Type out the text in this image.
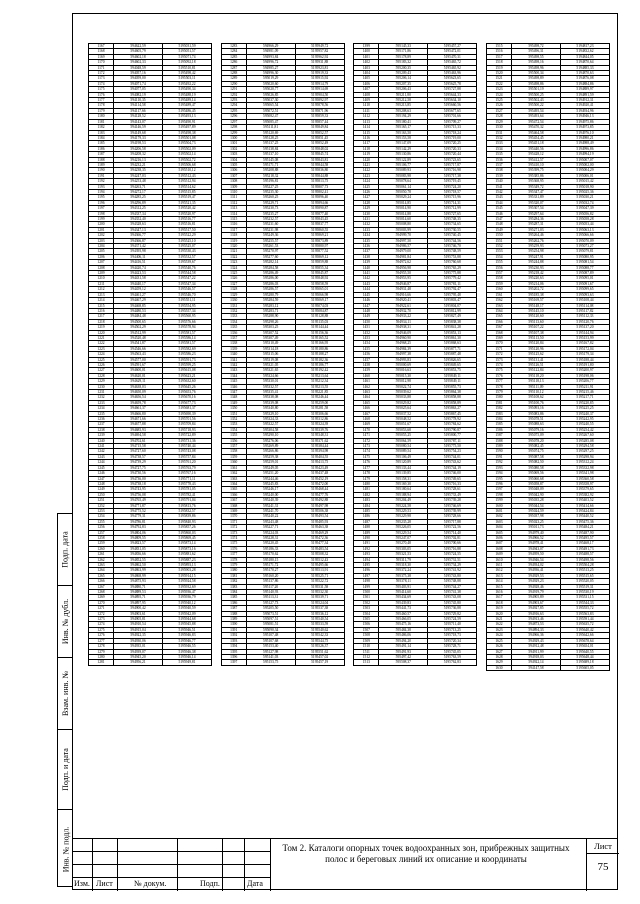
1167	594622,59	5195031,59
1168	594605,79	5195051,57
1169	594602,18	5195071,74
1170	594602,33	5195092,18
1171	594048,59	5195510,81
1172	594057,16	5195498,42
1173	594059,00	5195503,11
1174	594071,74	5195492,22
1175	594077,05	5195490,34
1176	594082,19	5195488,19
1177	594110,35	5195489,14
1178	594114,58	5195489,47
1179	594117,66	5195486,45
1180	594128,52	5195493,13
1181	594143,07	5195490,91
1182	594146,59	5195497,89
1183	594149,68	5195498,38
1184	594179,33	5195501,08
1185	594198,53	5195504,73
1186	594206,58	5195502,09
1187	594208,32	5195502,14
1188	594216,13	5195502,72
1189	594232,21	5195506,68
1190	594238,35	5195510,12
1191	594247,03	5195512,43
1192	594253,48	5195512,94
1193	594263,71	5195514,62
1194	594272,17	5195515,85
1195	594285,25	5195519,47
1196	594296,89	5195521,35
1197	594312,25	5195520,42
1198	594337,34	5195520,97
1199	594352,40	5195516,77
1200	594328,63	5195516,81
1201	594347,13	5195517,50
1202	594366,77	5195522,29
1203	594366,87	5195525,10
1204	594371,42	5195525,07
1205	594395,98	5195530,43
1206	594406,11	5195532,57
1207	594416,51	5195539,67
1208	594420,74	5195540,76
1209	594423,53	5195544,58
1210	594431,58	5195547,22
1211	594440,17	5195547,34
1212	594459,12	5195546,57
1213	594461,27	5195546,70
1214	594467,29	5195551,11
1215	594468,85	5195554,95
1216	594480,53	5195557,34
1217	594484,48	5195560,95
1218	594500,65	5195576,66
1219	594502,29	5195578,94
1220	594512,99	5195581,57
1221	594520,48	5195586,14
1222	594541,87	5195581,57
1223	594546,66	5195582,69
1224	594563,43	5195586,23
1225	594577,00	5195591,73
1226	594591,67	5195599,25
1227	594600,01	5195615,08
1228	594620,01	5195623,21
1229	594629,11	5195632,60
1230	594638,03	5195645,26
1231	594650,09	5195653,76
1232	594656,54	5195670,16
1233	594659,78	5195677,73
1234	594661,37	5195681,37
1235	594666,80	5195690,39
1236	594671,66	5195701,56
1237	594677,88	5195709,84
1238	594685,93	5195718,93
1239	594694,58	5195722,89
1240	594702,61	5195731,36
1241	594715,58	5195740,44
1242	594727,60	5195743,08
1243	594738,57	5195757,84
1244	594739,29	5195761,20
1245	594727,75	5195763,79
1246	594730,56	5195767,16
1247	594736,00	5195771,11
1248	594738,18	5195778,43
1249	594743,95	5195781,05
1250	594756,08	5195782,41
1251	594765,49	5195791,04
1252	594771,87	5195813,76
1253	594775,52	5195832,57
1254	594779,31	5195839,86
1255	594786,81	5195840,93
1256	594792,83	5195857,26
1257	594804,06	5195860,03
1258	594809,55	5195869,45
1259	594823,57	5195873,14
1260	594831,05	5195873,16
1261	594836,66	5195881,62
1262	594852,55	5195887,23
1263	594862,50	5195893,13
1264	594863,99	5195903,28
1265	594868,99	5195914,15
1266	594875,93	5195924,58
1267	594880,71	5195932,69
1268	594889,53	5195936,47
1269	594895,71	5195936,79
1270	594897,95	5195940,12
1271	594900,42	5195940,59
1272	594903,61	5195942,09
1273	594905,81	5195944,68
1274	594910,54	5195945,88
1275	594915,04	5195946,51
1276	594922,35	5195946,83
1277	594930,06	5195946,77
1278	594935,01	5195946,55
1279	594939,07	5195946,38
1280	594945,20	5195946,14
1281	594956,21	5195949,81
1283	594966,29	5195949,72
1284	594981,09	5195957,82
1285	594993,84	5195962,92
1286	594996,72	5195931,88
1287	594985,27	5195923,81
1288	594996,30	5195919,33
1289	595019,29	5195915,92
1290	595020,60	5195914,79
1291	595020,77	5195914,69
1292	595026,85	5195904,50
1293	595037,30	5195892,97
1294	595065,54	5195878,56
1295	595072,51	5195871,96
1296	595082,47	5195859,33
1297	595085,47	5195857,44
1298	595111,81	5195849,84
1299	595120,69	5195852,57
1300	595128,25	5195851,45
1301	595137,25	5195852,49
1302	595138,84	5195848,02
1303	595137,10	5195845,74
1304	595145,08	5195843,81
1305	595171,71	5195844,58
1306	595208,88	5195836,80
1307	595218,32	5195844,88
1308	595196,81	5195813,75
1309	595227,25	5195807,73
1310	595235,30	5195802,41
1311	595260,25	5195896,40
1312	595229,71	5195894,66
1313	595230,73	5195890,87
1314	595235,27	5195877,40
1315	595232,57	5195843,45
1316	595231,60	5195837,77
1317	595231,98	5195860,55
1318	595249,36	5195869,21
1319	595255,57	5195873,89
1320	595261,53	5195880,97
1321	595270,97	5195877,52
1322	595277,60	5195869,12
1323	595282,14	5195859,88
1324	595284,58	5195855,34
1325	595286,49	5195845,87
1326	595286,00	5195848,92
1327	595286,03	5195058,59
1328	595286,57	5195065,01
1329	595280,79	5195066,98
1330	595284,59	5195069,17
1331	595283,12	5195074,03
1332	595283,71	5195084,87
1333	595288,90	5195128,88
1334	595298,26	5195135,03
1335	595303,25	5195144,44
1336	595307,52	5195156,36
1337	595307,49	5195165,52
1338	595310,49	5195166,95
1339	595314,18	5195180,86
1340	595315,06	5195188,27
1341	595319,08	5195182,36
1342	595321,05	5195186,77
1343	595321,65	5195192,42
1344	595324,66	5195213,64
1345	595330,01	5195212,34
1346	595332,57	5195213,55
1347	595335,41	5195221,85
1348	595338,08	5195246,44
1349	595339,08	5195259,00
1350	595340,80	5195281,58
1351	595329,10	5195306,66
1352	595324,33	5195312,86
1353	595322,57	5195324,39
1354	595304,58	5195339,76
1355	595290,10	5195348,31
1356	595276,06	5195371,62
1357	595269,89	5195384,44
1358	595266,86	5195394,98
1359	595259,38	5195404,55
1360	595259,01	5195413,75
1361	595249,05	5195423,49
1362	595251,20	5195437,48
1363	595244,46	5195452,19
1364	595245,83	5195472,00
1365	595246,17	5195468,44
1366	595240,00	5195477,76
1367	595240,39	5195492,88
1368	595241,31	5195497,98
1369	595241,70	5195506,38
1370	595240,22	5195493,54
1371	595243,48	5195485,93
1372	595227,71	5195463,38
1373	595224,03	5195469,29
1374	595228,31	5195472,36
1375	595220,45	5195477,34
1376	595186,33	5195483,54
1377	595170,62	5195508,32
1378	595180,15	5195512,43
1379	595171,72	5195495,66
1380	595170,27	5195513,91
1381	595160,20	5195525,71
1382	595137,86	5195522,72
1383	595117,20	5195531,58
1384	595140,93	5195532,30
1385	595113,31	5195539,71
1386	595127,73	5195524,04
1387	595205,50	5195537,38
1388	595073,51	5195536,12
1389	595097,51	5195540,54
1390	595081,51	5195533,59
1391	595090,34	5195540,62
1392	595107,48	5195542,33
1393	595107,68	5195544,75
1394	595153,40	5195526,37
1395	595127,98	5195551,62
1396	595141,03	5195457,02
1397	595153,75	5195457,19
1399	595145,33	5195457,27
1400	595171,86	5195472,01
1401	595178,89	5195470,31
1402	595183,32	5195465,72
1403	595200,35	5195465,92
1404	595209,43	5195463,96
1405	595206,14	5195623,65
1406	595207,35	5195625,78
1407	595206,43	5195727,88
1408	595211,80	5195644,33
1409	595212,58	5195634,10
1410	595213,85	5195660,56
1411	595208,63	5195677,65
1412	595194,29	5195701,66
1413	595180,41	5195709,27
1414	595165,17	5195715,33
1415	595163,50	5195718,24
1416	595153,58	5195719,00
1417	595147,09	5195720,25
1418	595142,29	5195720,33
1419	595130,86	5195720,44
1420	595122,89	5195723,65
1421	595106,77	5195717,87
1422	595089,93	5195716,98
1423	595083,98	5195717,38
1424	595078,64	5195719,45
1425	595061,14	5195724,20
1426	595050,78	5195718,57
1427	595029,24	5195715,96
1428	595014,85	5195714,31
1429	595014,90	5195712,99
1430	595014,88	5195727,65
1431	595014,60	5195748,35
1432	595008,80	5195734,65
1433	595003,99	5195730,55
1434	594999,70	5195740,45
1435	594997,50	5195744,56
1436	594986,57	5195746,70
1437	594979,00	5195748,59
1438	594981,84	5195753,88
1439	594972,62	5195760,68
1440	594956,98	5195765,29
1441	594955,50	5195775,88
1442	594953,95	5195779,42
1443	594946,87	5195781,11
1444	594931,48	5195792,47
1445	594916,66	5195795,48
1446	594920,41	5195803,47
1447	594922,61	5195804,07
1448	594932,70	5195812,99
1449	594933,22	5195827,49
1450	594934,11	5195838,38
1451	594938,31	5195841,28
1452	594946,09	5195853,13
1453	594960,90	5195861,30
1454	594968,25	5195868,63
1455	594984,39	5195877,71
1456	594997,38	5195887,48
1457	594993,83	5195826,65
1458	595000,69	5195849,65
1459	595016,63	5195853,75
1460	595015,30	5195849,11
1461	595012,98	5195849,11
1462	595022,74	5195855,73
1463	595039,62	5195864,38
1464	595033,88	5195858,88
1465	595029,82	5195858,89
1466	595025,64	5195863,27
1467	595037,52	5195867,45
1468	595048,52	5195778,92
1469	595051,67	5195784,62
1470	595053,68	5195790,87
1471	595055,25	5195800,77
1472	595064,59	5195787,11
1473	595080,54	5195775,50
1474	595089,54	5195754,23
1475	595106,49	5195744,01
1476	595120,89	5195743,62
1477	595133,44	5195744,19
1478	595139,85	5195746,00
1479	595158,31	5195749,65
1480	595169,30	5195716,33
1481	595180,64	5195728,61
1482	595188,94	5195733,49
1483	595204,49	5195739,28
1484	595224,58	5195746,69
1485	595229,53	5195739,99
1486	595229,98	5195728,66
1487	595235,28	5195717,88
1488	595226,05	5195722,56
1489	595229,54	5195714,40
1490	595247,07	5195702,81
1491	595270,48	5195700,66
1492	595303,05	5195716,88
1493	595321,53	5195724,55
1494	595311,79	5195731,51
1495	595318,30	5195734,29
1496	595372,24	5195741,92
1497	595375,38	5195743,80
1498	595378,11	5195748,88
1499	595403,91	5195744,27
1500	595414,60	5195741,38
1501	595434,69	5195743,08
1502	595439,83	5195745,80
1503	595441,73	5195736,88
1504	595460,57	5195729,82
1505	595466,05	5195724,59
1506	595475,16	5195711,40
1507	595484,38	5195713,25
1508	595486,06	5195718,73
1509	595494,20	5195720,34
1510	595491,14	5195728,71
1511	595491,93	5195745,05
1512	595497,42	5195763,59
1513	595508,37	5195762,83
1515	595498,72	5194817,23
1516	595496,31	5194832,62
1517	595498,55	5194844,05
1518	595498,16	5194870,64
1519	595498,96	5194885,33
1520	595500,34	5194870,63
1521	595498,89	5194876,08
1522	595498,86	5194884,86
1523	595501,19	5194889,97
1524	595500,25	5194891,59
1525	595502,43	5194912,31
1526	595500,22	5194920,41
1527	595495,54	5194934,96
1528	595493,64	5194946,13
1529	595472,54	5194975,86
1530	595470,32	5194973,85
1531	595464,58	5194976,10
1532	595454,45	5194980,21
1533	595451,18	5194988,49
1534	595440,56	5194996,86
1535	595428,12	5194994,19
1536	595412,57	5195007,07
1537	595410,10	5195002,00
1538	595399,75	5195004,29
1539	595385,86	5195006,01
1540	595368,95	5195015,42
1541	595349,72	5195018,90
1542	595347,47	5195025,36
1543	595331,89	5195030,21
1544	595320,07	5195032,74
1545	595307,54	5195047,39
1546	595297,64	5195056,82
1547	595284,36	5195058,28
1548	595287,31	5195053,44
1549	595271,03	5195063,13
1550	595264,46	5195066,66
1551	595262,76	5195070,09
1552	595259,93	5195073,27
1553	595254,98	5195079,81
1554	595247,91	5195080,95
1555	595244,88	5195081,54
1556	595230,93	5195088,77
1557	595218,42	5195087,89
1558	595220,63	5195095,01
1559	595214,06	5195091,67
1560	595202,72	5195099,65
1561	595185,38	5195093,63
1562	595169,57	5195108,44
1563	595148,17	5195114,08
1564	595145,10	5195117,82
1565	595120,60	5195112,33
1566	595113,60	5195120,76
1567	595107,22	5195137,20
1568	595107,38	5195144,94
1569	595113,50	5195153,99
1570	595120,84	5195167,82
1571	595120,96	5195172,04
1572	595125,62	5195179,34
1573	595131,41	5195188,44
1574	595126,51	5195191,80
1575	595122,84	5195200,97
1576	595118,20	5195198,06
1577	595118,13	5195206,77
1578	595111,09	5195211,91
1579	595110,12	5195215,46
1580	595108,62	5195217,71
1581	595100,76	5195220,85
1582	595093,16	5195225,25
1583	595083,86	5195240,37
1584	595078,51	5195242,95
1585	595088,63	5195240,55
1586	595079,16	5195254,42
1587	595075,09	5195267,60
1588	595078,20	5195285,08
1589	595082,45	5195294,58
1590	595074,75	5195297,25
1591	595087,58	5195298,94
1592	595082,50	5195312,24
1593	595080,58	5195332,98
1594	595069,56	5195341,98
1595	595060,68	5195360,58
1596	595058,87	5195358,97
1597	595048,09	5195379,65
1598	595042,90	5195382,92
1599	595035,28	5195403,52
1600	595044,54	5195414,66
1601	595024,59	5195424,84
1602	595037,98	5195440,52
1603	595023,25	5195475,36
1604	595011,73	5195484,21
1605	594979,40	5195487,90
1606	594966,52	5195495,57
1607	594978,41	5195468,17
1608	594943,07	5195491,73
1609	594959,50	5195488,57
1610	594946,54	5195498,56
1611	594934,02	5195504,28
1612	594936,41	5195513,25
1613	594929,53	5195515,65
1614	594929,23	5195520,05
1615	594928,46	5195519,31
1616	594919,79	5195530,19
1617	594905,89	5195531,15
1618	594903,67	5195544,33
1619	594927,85	5195555,72
1620	594916,63	5195563,83
1621	594913,46	5195591,44
1622	594873,53	5195635,72
1623	594894,33	5195640,42
1624	594966,36	5195642,66
1625	594929,43	5195678,64
1626	594912,48	5195654,01
1627	594911,99	5195640,55
1628	594918,03	5195648,44
1629	594922,14	5195689,18
1630	594147,58	5195605,05
Подп. дата
Инв. № дубл.
Взам. инв. №
Подп. и дата
Инв. № подл.
Изм. Лист	№ докум.	Подп.	Дата
Том 2. Каталоги опорных точек водоохранных зон, прибрежных защитных полос и береговых линий их описание и координаты
Лист
75
